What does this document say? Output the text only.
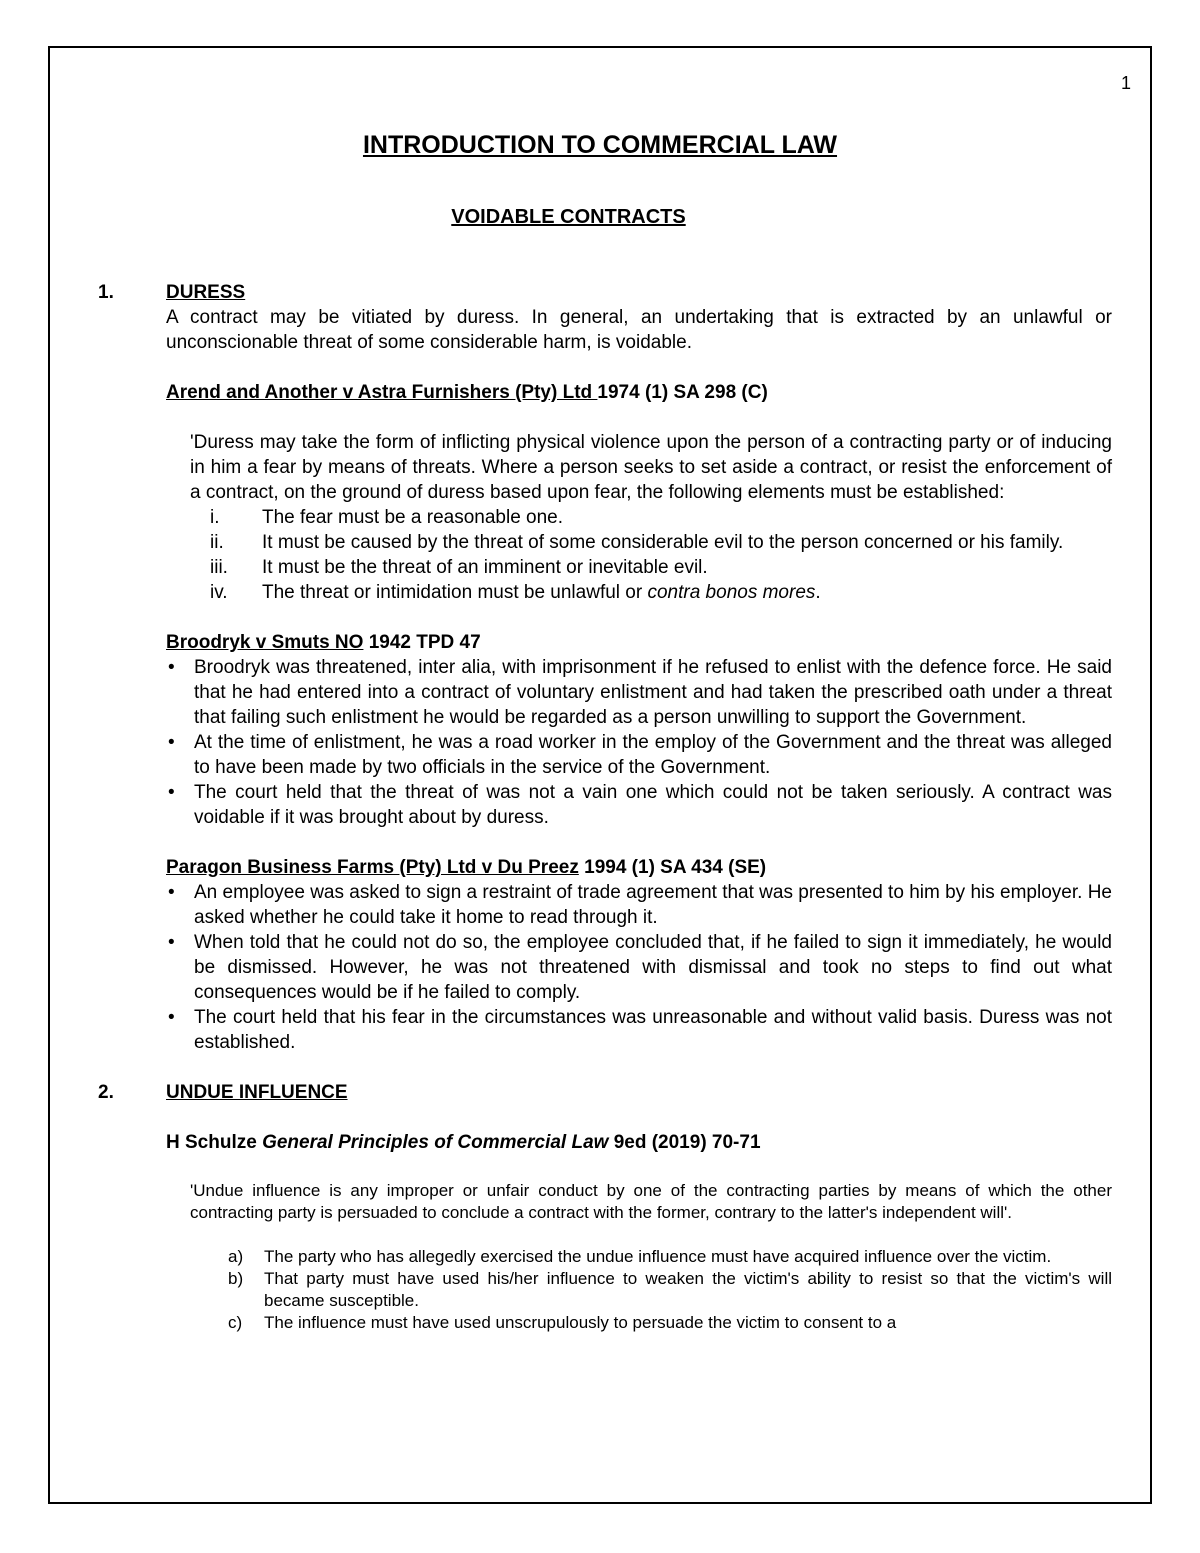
1
INTRODUCTION TO COMMERCIAL LAW
VOIDABLE CONTRACTS
1.	DURESS

A contract may be vitiated by duress. In general, an undertaking that is extracted by an unlawful or unconscionable threat of some considerable harm, is voidable.

Arend and Another v Astra Furnishers (Pty) Ltd 1974 (1) SA 298 (C)

'Duress may take the form of inflicting physical violence upon the person of a contracting party or of inducing in him a fear by means of threats. Where a person seeks to set aside a contract, or resist the enforcement of a contract, on the ground of duress based upon fear, the following elements must be established:

i. The fear must be a reasonable one.
ii. It must be caused by the threat of some considerable evil to the person concerned or his family.
iii. It must be the threat of an imminent or inevitable evil.
iv. The threat or intimidation must be unlawful or contra bonos mores.

Broodryk v Smuts NO 1942 TPD 47

• Broodryk was threatened, inter alia, with imprisonment if he refused to enlist with the defence force. He said that he had entered into a contract of voluntary enlistment and had taken the prescribed oath under a threat that failing such enlistment he would be regarded as a person unwilling to support the Government.
• At the time of enlistment, he was a road worker in the employ of the Government and the threat was alleged to have been made by two officials in the service of the Government.
• The court held that the threat of was not a vain one which could not be taken seriously. A contract was voidable if it was brought about by duress.

Paragon Business Farms (Pty) Ltd v Du Preez 1994 (1) SA 434 (SE)

• An employee was asked to sign a restraint of trade agreement that was presented to him by his employer. He asked whether he could take it home to read through it.
• When told that he could not do so, the employee concluded that, if he failed to sign it immediately, he would be dismissed. However, he was not threatened with dismissal and took no steps to find out what consequences would be if he failed to comply.
• The court held that his fear in the circumstances was unreasonable and without valid basis. Duress was not established.
2.	UNDUE INFLUENCE

H Schulze General Principles of Commercial Law 9ed (2019) 70-71

'Undue influence is any improper or unfair conduct by one of the contracting parties by means of which the other contracting party is persuaded to conclude a contract with the former, contrary to the latter's independent will'.

a) The party who has allegedly exercised the undue influence must have acquired influence over the victim.
b) That party must have used his/her influence to weaken the victim's ability to resist so that the victim's will became susceptible.
c) The influence must have used unscrupulously to persuade the victim to consent to a
